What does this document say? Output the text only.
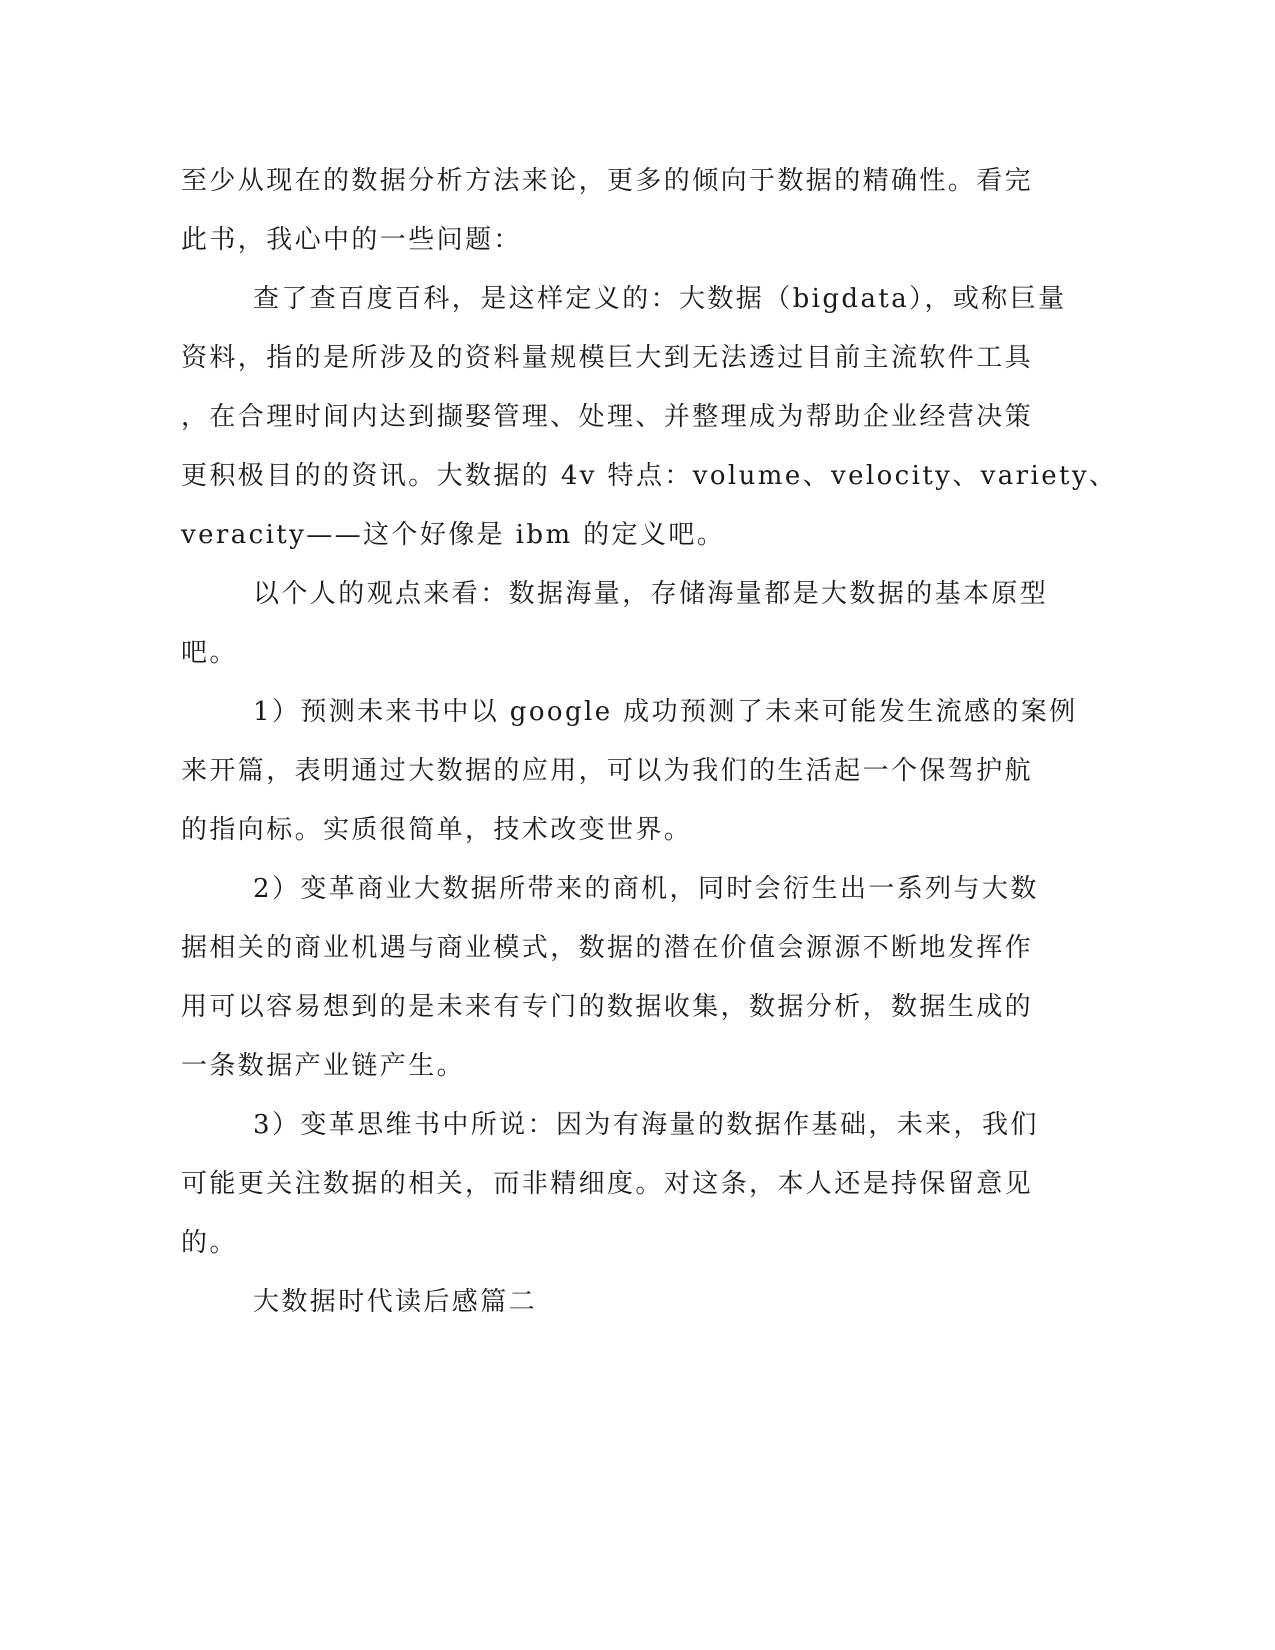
至少从现在的数据分析方法来论，更多的倾向于数据的精确性。看完
此书，我心中的一些问题：
查了查百度百科，是这样定义的：大数据（bigdata），或称巨量
资料，指的是所涉及的资料量规模巨大到无法透过目前主流软件工具
，在合理时间内达到撷娶管理、处理、并整理成为帮助企业经营决策
更积极目的的资讯。大数据的 4v 特点：volume、velocity、variety、
veracity——这个好像是 ibm 的定义吧。
以个人的观点来看：数据海量，存储海量都是大数据的基本原型
吧。
1）预测未来书中以 google 成功预测了未来可能发生流感的案例
来开篇，表明通过大数据的应用，可以为我们的生活起一个保驾护航
的指向标。实质很简单，技术改变世界。
2）变革商业大数据所带来的商机，同时会衍生出一系列与大数
据相关的商业机遇与商业模式，数据的潜在价值会源源不断地发挥作
用可以容易想到的是未来有专门的数据收集，数据分析，数据生成的
一条数据产业链产生。
3）变革思维书中所说：因为有海量的数据作基础，未来，我们
可能更关注数据的相关，而非精细度。对这条，本人还是持保留意见
的。
大数据时代读后感篇二
